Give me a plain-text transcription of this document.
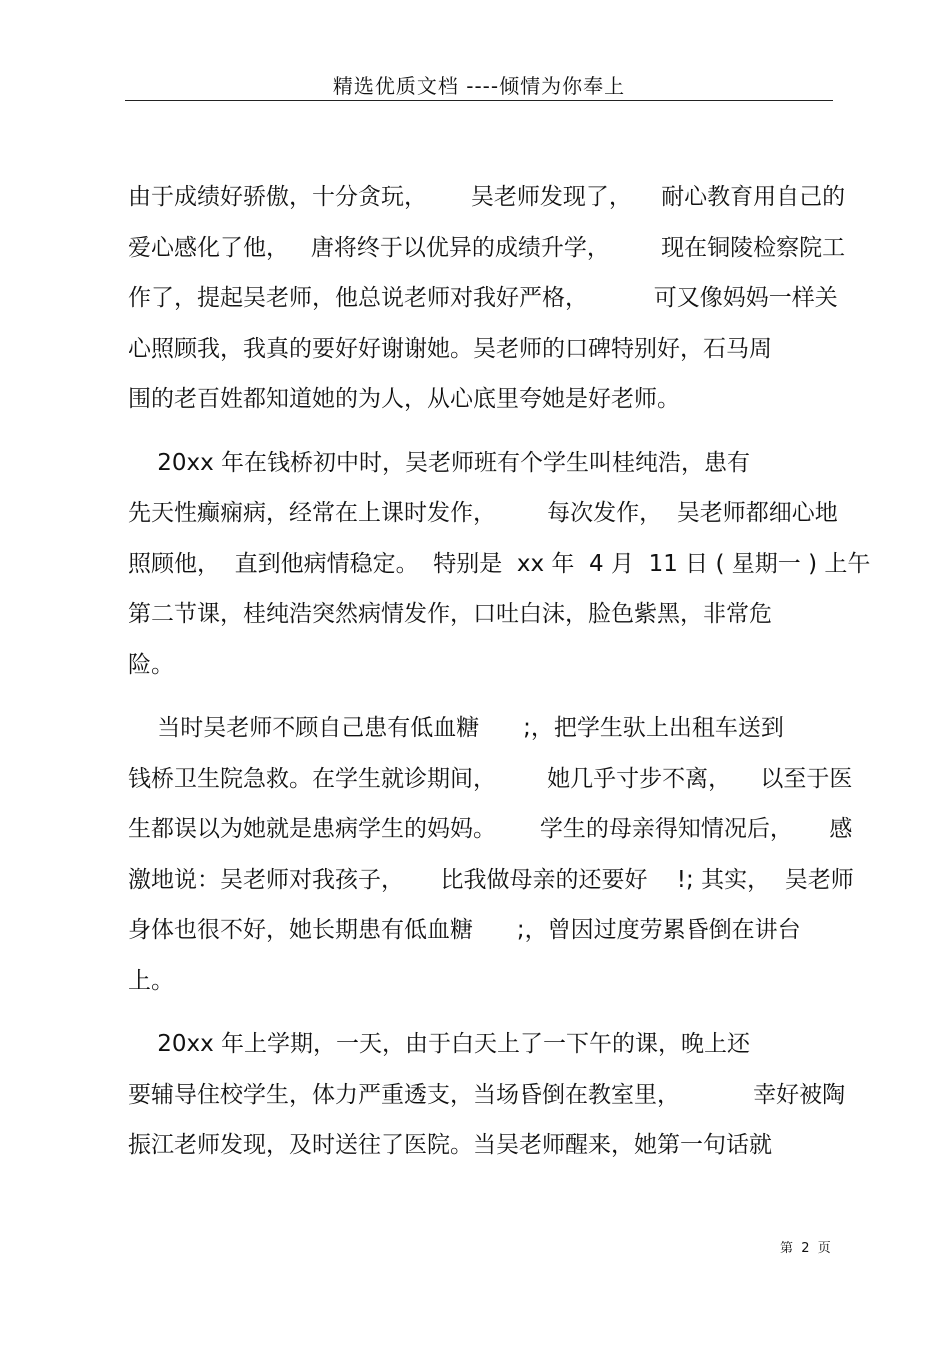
精选优质文档 ----倾情为你奉上
由于成绩好骄傲，十分贪玩，      吴老师发现了，    耐心教育用自己的
爱心感化了他，   唐将终于以优异的成绩升学，       现在铜陵检察院工
作了，提起吴老师，他总说老师对我好严格，         可又像妈妈一样关
心照顾我，我真的要好好谢谢她。吴老师的口碑特别好，石马周
围的老百姓都知道她的为人，从心底里夸她是好老师。
20xx 年在钱桥初中时，吴老师班有个学生叫桂纯浩，患有
先天性癫痫病，经常在上课时发作，       每次发作，  吴老师都细心地
照顾他，  直到他病情稳定。  特别是  xx 年  4 月  11 日 ( 星期一 ) 上午
第二节课，桂纯浩突然病情发作，口吐白沫，脸色紫黑，非常危
险。
当时吴老师不顾自己患有低血糖      ;，把学生驮上出租车送到
钱桥卫生院急救。在学生就诊期间，       她几乎寸步不离，    以至于医
生都误以为她就是患病学生的妈妈。      学生的母亲得知情况后，     感
激地说：吴老师对我孩子，     比我做母亲的还要好    !; 其实，  吴老师
身体也很不好，她长期患有低血糖      ;，曾因过度劳累昏倒在讲台
上。
20xx 年上学期，一天，由于白天上了一下午的课，晚上还
要辅导住校学生，体力严重透支，当场昏倒在教室里，          幸好被陶
振江老师发现，及时送往了医院。当吴老师醒来，她第一句话就
第  2  页
